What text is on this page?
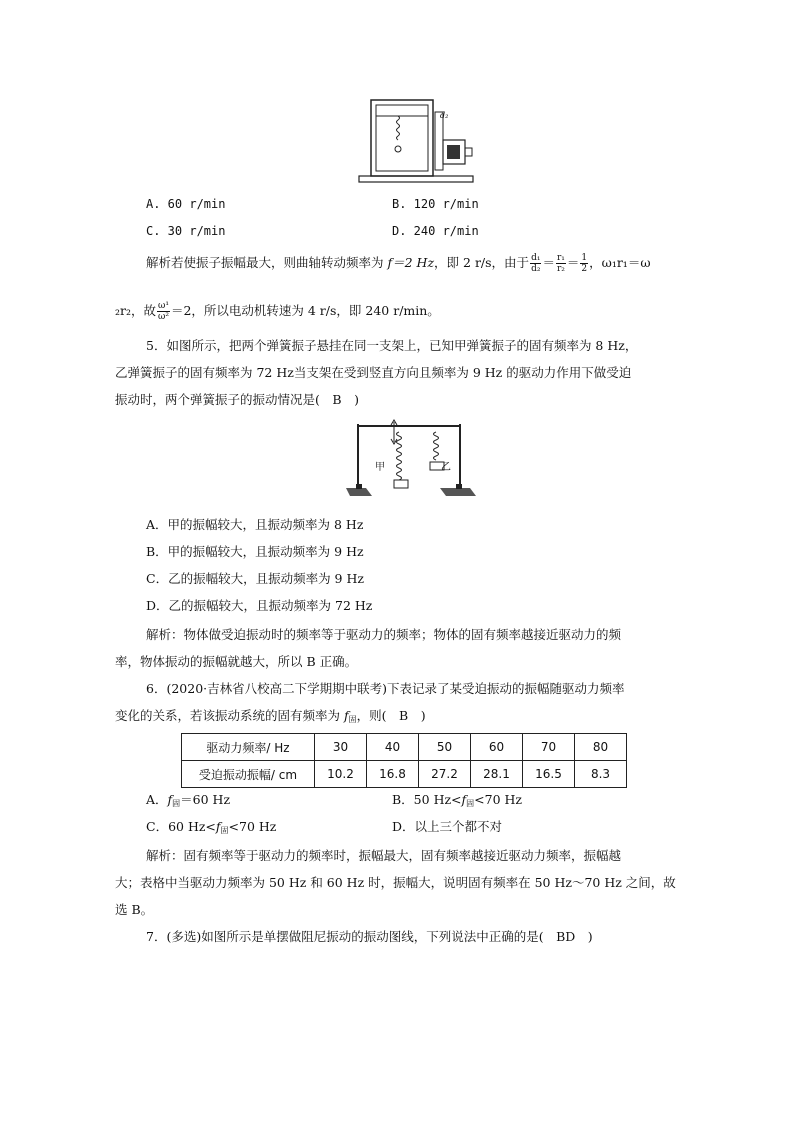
d₂
A. 60 r/min	B. 120 r/min
C. 30 r/min	D. 240 r/min
解析若使振子振幅最大，则曲轴转动频率为 f＝2 Hz，即 2 r/s，由于 $\frac{\text{d₁}}{\text{d₂}} = \frac{\text{r₁}}{\text{r₂}} = \frac{1}{2}$ ，ω₁r₁＝ω
₂r₂，故 $\frac{\text{ω¹}}{\text{ω²}} =2$，所以电动机转速为 4 r/s，即 240 r/min。
5．如图所示，把两个弹簧振子悬挂在同一支架上，已知甲弹簧振子的固有频率为 8 Hz，
乙弹簧振子的固有频率为 72 Hz当支架在受到竖直方向且频率为 9 Hz 的驱动力作用下做受迫
振动时，两个弹簧振子的振动情况是(　B　)
甲	乙
A．甲的振幅较大，且振动频率为 8 Hz
B．甲的振幅较大，且振动频率为 9 Hz
C．乙的振幅较大，且振动频率为 9 Hz
D．乙的振幅较大，且振动频率为 72 Hz
解析：物体做受迫振动时的频率等于驱动力的频率；物体的固有频率越接近驱动力的频
率，物体振动的振幅就越大，所以 B 正确。
6．(2020·吉林省八校高二下学期期中联考)下表记录了某受迫振动的振幅随驱动力频率
变化的关系，若该振动系统的固有频率为 $f_固$，则(　B　)
驱动力频率/ Hz	30	40	50	60	70	80
受迫振动振幅/ cm	10.2	16.8	27.2	28.1	16.5	8.3
A．$f_固=60$ Hz	B．50 $Hz<f_固<70$ Hz
C．60 $Hz<f_固<70$ Hz	D．以上三个都不对
解析：固有频率等于驱动力的频率时，振幅最大，固有频率越接近驱动力频率，振幅越
大；表格中当驱动力频率为 50 Hz 和 60 Hz 时，振幅大，说明固有频率在 50 Hz～70 Hz 之间，故
选 B。
7．(多选)如图所示是单摆做阻尼振动的振动图线，下列说法中正确的是(　BD　)
